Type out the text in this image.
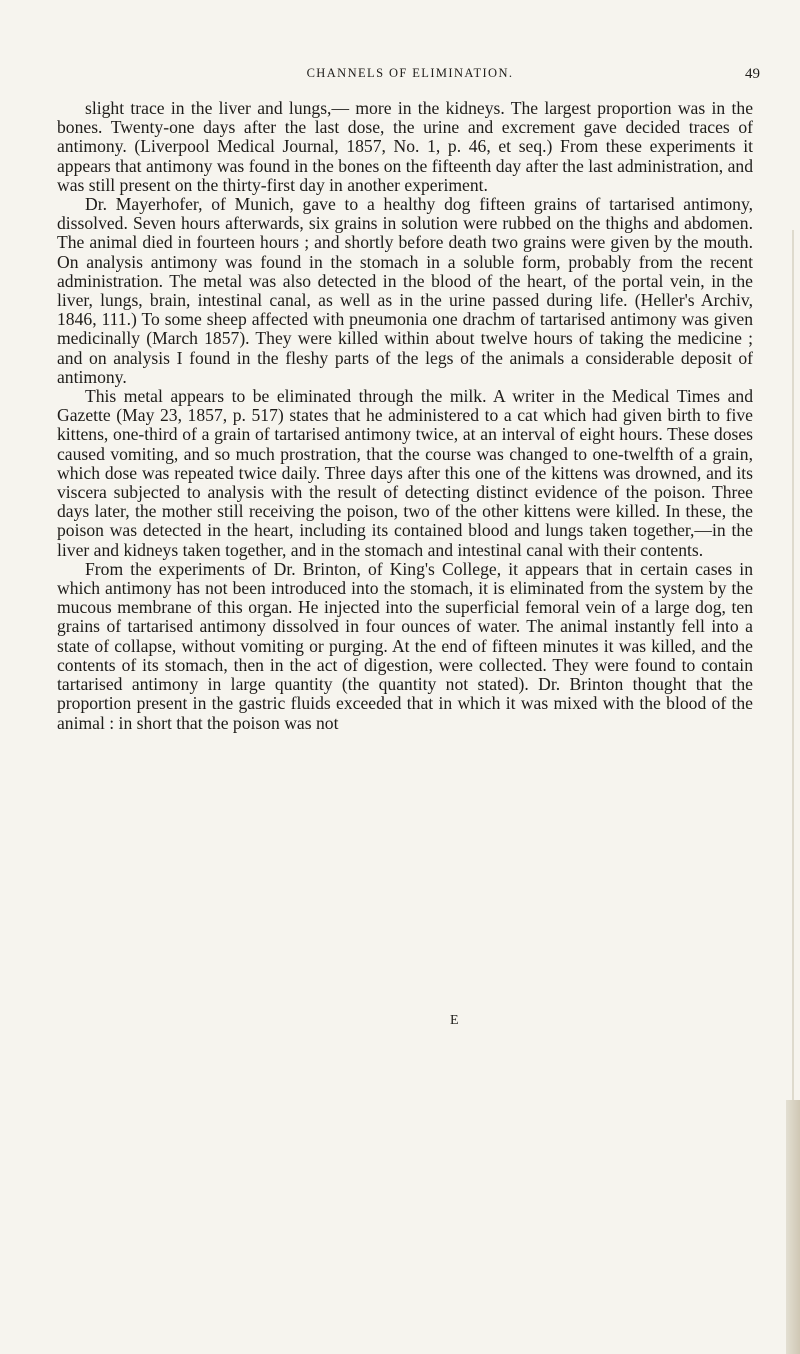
CHANNELS OF ELIMINATION.	49

slight trace in the liver and lungs,— more in the kidneys. The largest proportion was in the bones. Twenty-one days after the last dose, the urine and excrement gave decided traces of antimony. (Liverpool Medical Journal, 1857, No. 1, p. 46, et seq.) From these experiments it appears that antimony was found in the bones on the fifteenth day after the last administration, and was still present on the thirty-first day in another experiment.

Dr. Mayerhofer, of Munich, gave to a healthy dog fifteen grains of tartarised antimony, dissolved. Seven hours afterwards, six grains in solution were rubbed on the thighs and abdomen. The animal died in fourteen hours ; and shortly before death two grains were given by the mouth. On analysis antimony was found in the stomach in a soluble form, probably from the recent administration. The metal was also detected in the blood of the heart, of the portal vein, in the liver, lungs, brain, intestinal canal, as well as in the urine passed during life. (Heller's Archiv, 1846, 111.) To some sheep affected with pneumonia one drachm of tartarised antimony was given medicinally (March 1857). They were killed within about twelve hours of taking the medicine ; and on analysis I found in the fleshy parts of the legs of the animals a considerable deposit of antimony.

This metal appears to be eliminated through the milk. A writer in the Medical Times and Gazette (May 23, 1857, p. 517) states that he administered to a cat which had given birth to five kittens, one-third of a grain of tartarised antimony twice, at an interval of eight hours. These doses caused vomiting, and so much prostration, that the course was changed to one-twelfth of a grain, which dose was repeated twice daily. Three days after this one of the kittens was drowned, and its viscera subjected to analysis with the result of detecting distinct evidence of the poison. Three days later, the mother still receiving the poison, two of the other kittens were killed. In these, the poison was detected in the heart, including its contained blood and lungs taken together,—in the liver and kidneys taken together, and in the stomach and intestinal canal with their contents.

From the experiments of Dr. Brinton, of King's College, it appears that in certain cases in which antimony has not been introduced into the stomach, it is eliminated from the system by the mucous membrane of this organ. He injected into the superficial femoral vein of a large dog, ten grains of tartarised antimony dissolved in four ounces of water. The animal instantly fell into a state of collapse, without vomiting or purging. At the end of fifteen minutes it was killed, and the contents of its stomach, then in the act of digestion, were collected. They were found to contain tartarised antimony in large quantity (the quantity not stated). Dr. Brinton thought that the proportion present in the gastric fluids exceeded that in which it was mixed with the blood of the animal : in short that the poison was not

E
